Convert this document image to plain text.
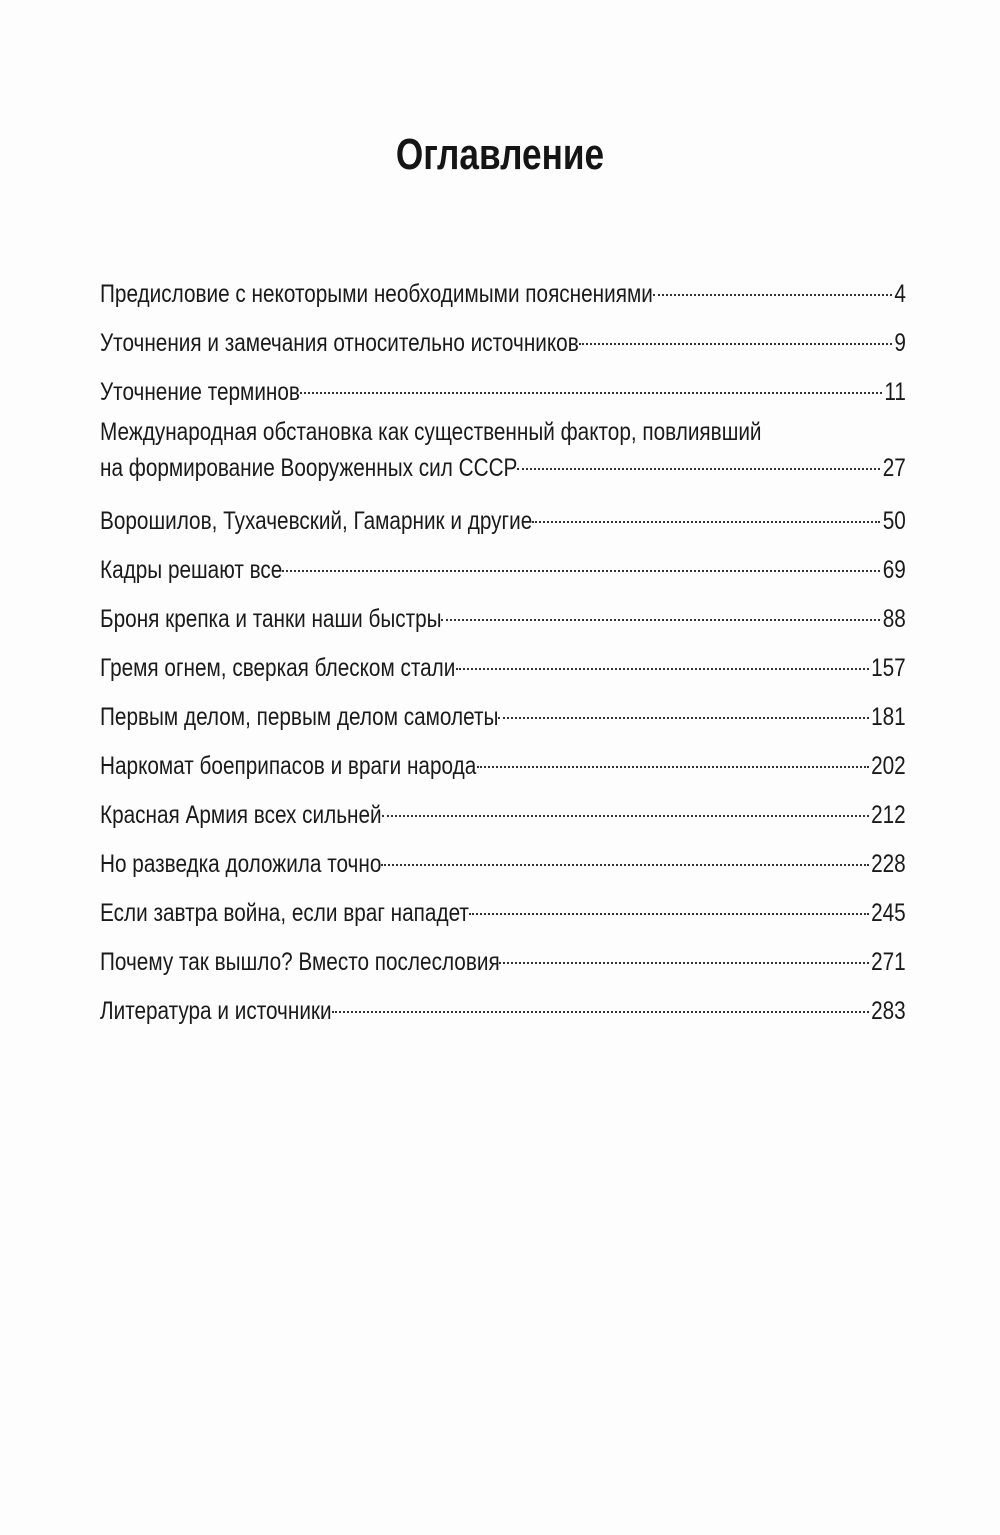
Оглавление
Предисловие с некоторыми необходимыми пояснениями	4
Уточнения и замечания относительно источников	9
Уточнение терминов	11
Международная обстановка как существенный фактор, повлиявший
на формирование Вооруженных сил СССР	27
Ворошилов, Тухачевский, Гамарник и другие	50
Кадры решают все	69
Броня крепка и танки наши быстры	88
Гремя огнем, сверкая блеском стали	157
Первым делом, первым делом самолеты	181
Наркомат боеприпасов и враги народа	202
Красная Армия всех сильней	212
Но разведка доложила точно	228
Если завтра война, если враг нападет	245
Почему так вышло? Вместо послесловия	271
Литература и источники	283
